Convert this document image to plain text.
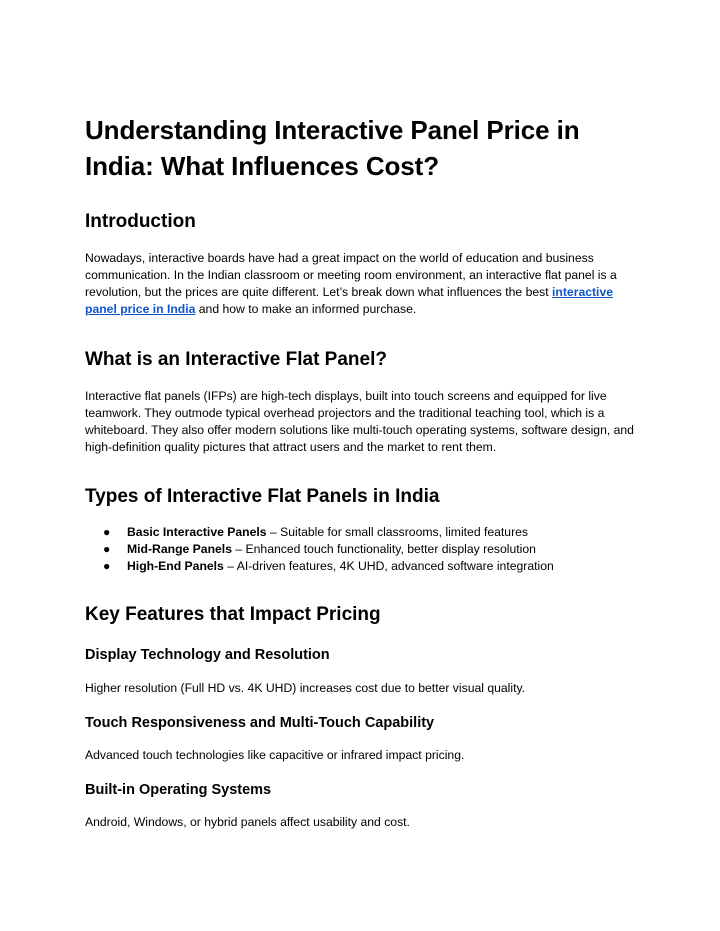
Understanding Interactive Panel Price in India: What Influences Cost?
Introduction

Nowadays, interactive boards have had a great impact on the world of education and business communication. In the Indian classroom or meeting room environment, an interactive flat panel is a revolution, but the prices are quite different. Let’s break down what influences the best interactive panel price in India and how to make an informed purchase.

What is an Interactive Flat Panel?

Interactive flat panels (IFPs) are high-tech displays, built into touch screens and equipped for live teamwork. They outmode typical overhead projectors and the traditional teaching tool, which is a whiteboard. They also offer modern solutions like multi-touch operating systems, software design, and high-definition quality pictures that attract users and the market to rent them.

Types of Interactive Flat Panels in India
● Basic Interactive Panels – Suitable for small classrooms, limited features
● Mid-Range Panels – Enhanced touch functionality, better display resolution
● High-End Panels – AI-driven features, 4K UHD, advanced software integration
Key Features that Impact Pricing
Display Technology and Resolution

Higher resolution (Full HD vs. 4K UHD) increases cost due to better visual quality.

Touch Responsiveness and Multi-Touch Capability

Advanced touch technologies like capacitive or infrared impact pricing.

Built-in Operating Systems

Android, Windows, or hybrid panels affect usability and cost.
